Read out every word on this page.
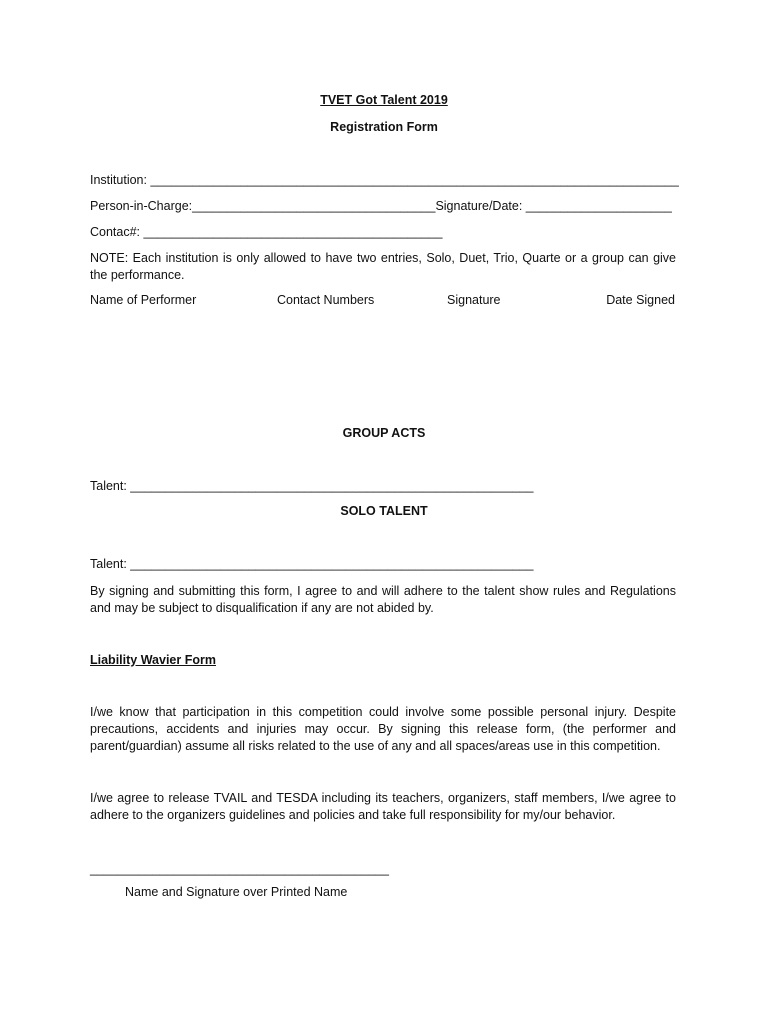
TVET Got Talent 2019
Registration Form
Institution: ____________________________________________________________________________
Person-in-Charge:___________________________________Signature/Date: _____________________
Contac#: ___________________________________________
NOTE: Each institution is only allowed to have two entries, Solo, Duet, Trio, Quarte or a group can give the performance.
Name of Performer	Contact Numbers	Signature	Date Signed
GROUP ACTS
Talent: __________________________________________________________
SOLO TALENT
Talent: __________________________________________________________
By signing and submitting this form, I agree to and will adhere to the talent show rules and Regulations and may be subject to disqualification if any are not abided by.
Liability Wavier Form
I/we know that participation in this competition could involve some possible personal injury. Despite precautions, accidents and injuries may occur. By signing this release form, (the performer and parent/guardian) assume all risks related to the use of any and all spaces/areas use in this competition.
I/we agree to release TVAIL and TESDA including its teachers, organizers, staff members, I/we agree to adhere to the organizers guidelines and policies and take full responsibility for my/our behavior.
___________________________________________
Name and Signature over Printed Name
